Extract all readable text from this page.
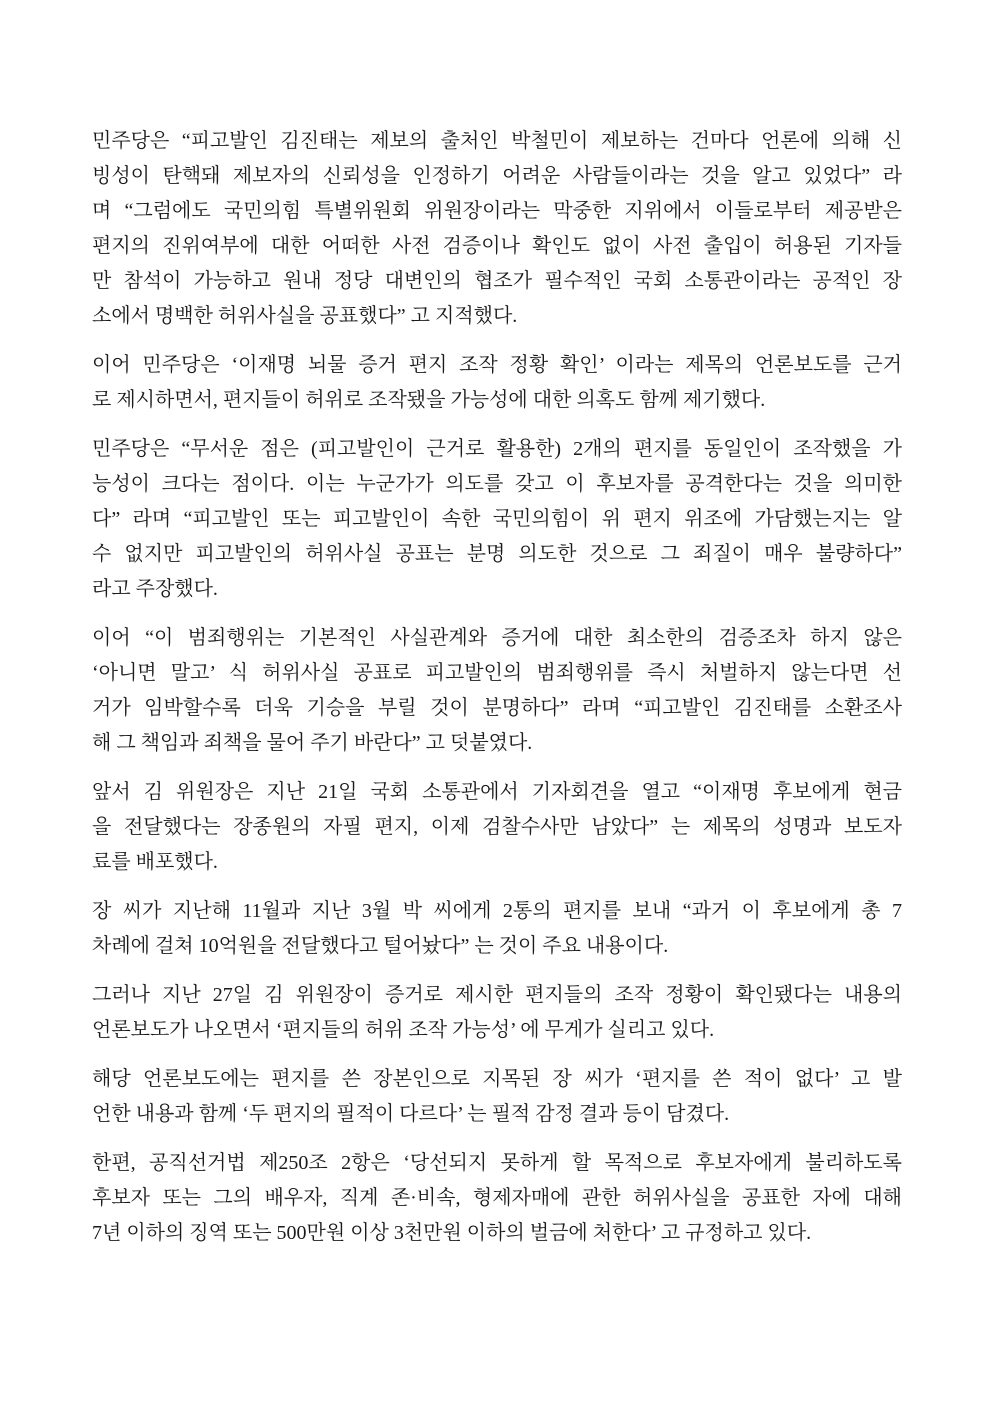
민주당은 “피고발인 김진태는 제보의 출처인 박철민이 제보하는 건마다 언론에 의해 신
빙성이 탄핵돼 제보자의 신뢰성을 인정하기 어려운 사람들이라는 것을 알고 있었다” 라
며 “그럼에도 국민의힘 특별위원회 위원장이라는 막중한 지위에서 이들로부터 제공받은
편지의 진위여부에 대한 어떠한 사전 검증이나 확인도 없이 사전 출입이 허용된 기자들
만 참석이 가능하고 원내 정당 대변인의 협조가 필수적인 국회 소통관이라는 공적인 장
소에서 명백한 허위사실을 공표했다” 고 지적했다.

이어 민주당은 ‘이재명 뇌물 증거 편지 조작 정황 확인’ 이라는 제목의 언론보도를 근거
로 제시하면서, 편지들이 허위로 조작됐을 가능성에 대한 의혹도 함께 제기했다.

민주당은 “무서운 점은 (피고발인이 근거로 활용한) 2개의 편지를 동일인이 조작했을 가
능성이 크다는 점이다. 이는 누군가가 의도를 갖고 이 후보자를 공격한다는 것을 의미한
다” 라며 “피고발인 또는 피고발인이 속한 국민의힘이 위 편지 위조에 가담했는지는 알
수 없지만 피고발인의 허위사실 공표는 분명 의도한 것으로 그 죄질이 매우 불량하다”
라고 주장했다.

이어 “이 범죄행위는 기본적인 사실관계와 증거에 대한 최소한의 검증조차 하지 않은
‘아니면 말고’ 식 허위사실 공표로 피고발인의 범죄행위를 즉시 처벌하지 않는다면 선
거가 임박할수록 더욱 기승을 부릴 것이 분명하다” 라며 “피고발인 김진태를 소환조사
해 그 책임과 죄책을 물어 주기 바란다” 고 덧붙였다.

앞서 김 위원장은 지난 21일 국회 소통관에서 기자회견을 열고 “이재명 후보에게 현금
을 전달했다는 장종원의 자필 편지, 이제 검찰수사만 남았다” 는 제목의 성명과 보도자
료를 배포했다.

장 씨가 지난해 11월과 지난 3월 박 씨에게 2통의 편지를 보내 “과거 이 후보에게 총 7
차례에 걸쳐 10억원을 전달했다고 털어놨다” 는 것이 주요 내용이다.

그러나 지난 27일 김 위원장이 증거로 제시한 편지들의 조작 정황이 확인됐다는 내용의
언론보도가 나오면서 ‘편지들의 허위 조작 가능성’ 에 무게가 실리고 있다.

해당 언론보도에는 편지를 쓴 장본인으로 지목된 장 씨가 ‘편지를 쓴 적이 없다’ 고 발
언한 내용과 함께 ‘두 편지의 필적이 다르다’ 는 필적 감정 결과 등이 담겼다.

한편, 공직선거법 제250조 2항은 ‘당선되지 못하게 할 목적으로 후보자에게 불리하도록
후보자 또는 그의 배우자, 직계 존·비속, 형제자매에 관한 허위사실을 공표한 자에 대해
7년 이하의 징역 또는 500만원 이상 3천만원 이하의 벌금에 처한다’ 고 규정하고 있다.
